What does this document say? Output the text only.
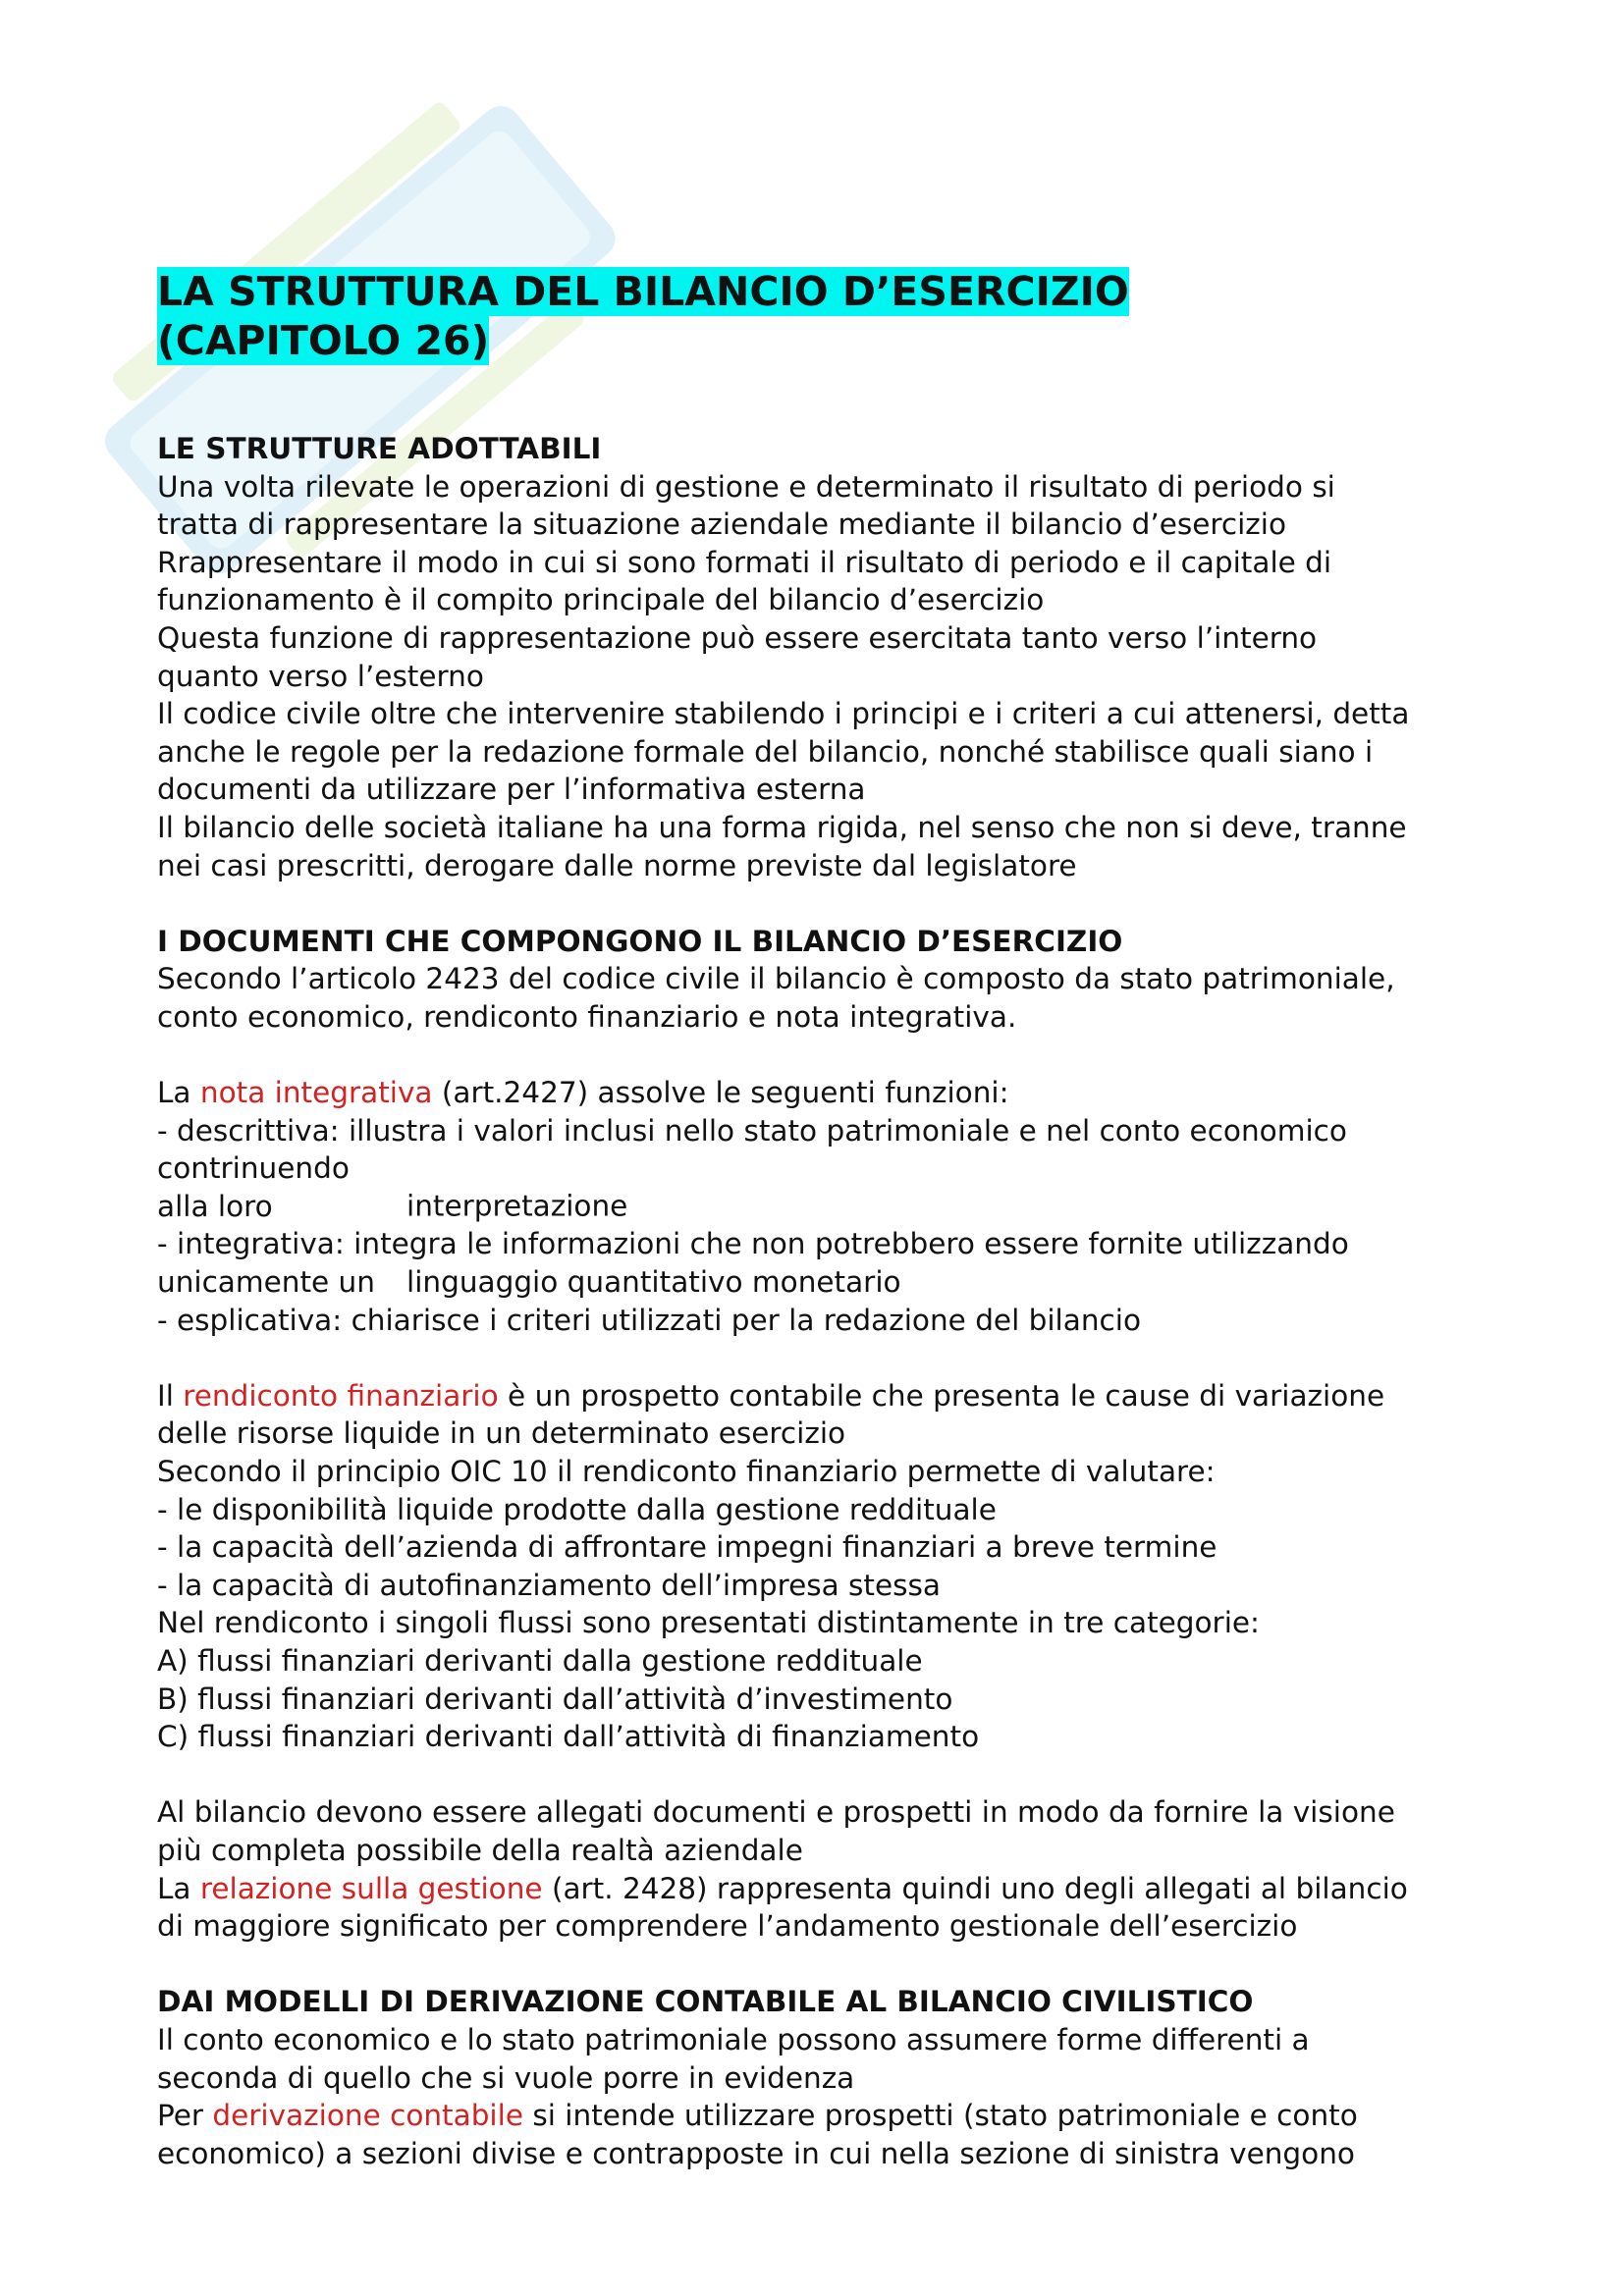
LA STRUTTURA DEL BILANCIO D’ESERCIZIO
(CAPITOLO 26)

LE STRUTTURE ADOTTABILI

Una volta rilevate le operazioni di gestione e determinato il risultato di periodo si

tratta di rappresentare la situazione aziendale mediante il bilancio d’esercizio

Rrappresentare il modo in cui si sono formati il risultato di periodo e il capitale di

funzionamento è il compito principale del bilancio d’esercizio

Questa funzione di rappresentazione può essere esercitata tanto verso l’interno

quanto verso l’esterno

Il codice civile oltre che intervenire stabilendo i principi e i criteri a cui attenersi, detta

anche le regole per la redazione formale del bilancio, nonché stabilisce quali siano i

documenti da utilizzare per l’informativa esterna

Il bilancio delle società italiane ha una forma rigida, nel senso che non si deve, tranne

nei casi prescritti, derogare dalle norme previste dal legislatore

I DOCUMENTI CHE COMPONGONO IL BILANCIO D’ESERCIZIO

Secondo l’articolo 2423 del codice civile il bilancio è composto da stato patrimoniale,

conto economico, rendiconto finanziario e nota integrativa.

La nota integrativa (art.2427) assolve le seguenti funzioni:

- descrittiva: illustra i valori inclusi nello stato patrimoniale e nel conto economico

contrinuendo alla loro	interpretazione

- integrativa: integra le informazioni che non potrebbero essere fornite utilizzando

unicamente un linguaggio quantitativo monetario

- esplicativa: chiarisce i criteri utilizzati per la redazione del bilancio

Il rendiconto finanziario è un prospetto contabile che presenta le cause di variazione

delle risorse liquide in un determinato esercizio

Secondo il principio OIC 10 il rendiconto finanziario permette di valutare:

- le disponibilità liquide prodotte dalla gestione reddituale

- la capacità dell’azienda di affrontare impegni finanziari a breve termine

- la capacità di autofinanziamento dell’impresa stessa

Nel rendiconto i singoli flussi sono presentati distintamente in tre categorie:

A) flussi finanziari derivanti dalla gestione reddituale

B) flussi finanziari derivanti dall’attività d’investimento

C) flussi finanziari derivanti dall’attività di finanziamento

Al bilancio devono essere allegati documenti e prospetti in modo da fornire la visione

più completa possibile della realtà aziendale

La relazione sulla gestione (art. 2428) rappresenta quindi uno degli allegati al bilancio

di maggiore significato per comprendere l’andamento gestionale dell’esercizio

DAI MODELLI DI DERIVAZIONE CONTABILE AL BILANCIO CIVILISTICO

Il conto economico e lo stato patrimoniale possono assumere forme differenti a

seconda di quello che si vuole porre in evidenza

Per derivazione contabile si intende utilizzare prospetti (stato patrimoniale e conto

economico) a sezioni divise e contrapposte in cui nella sezione di sinistra vengono
